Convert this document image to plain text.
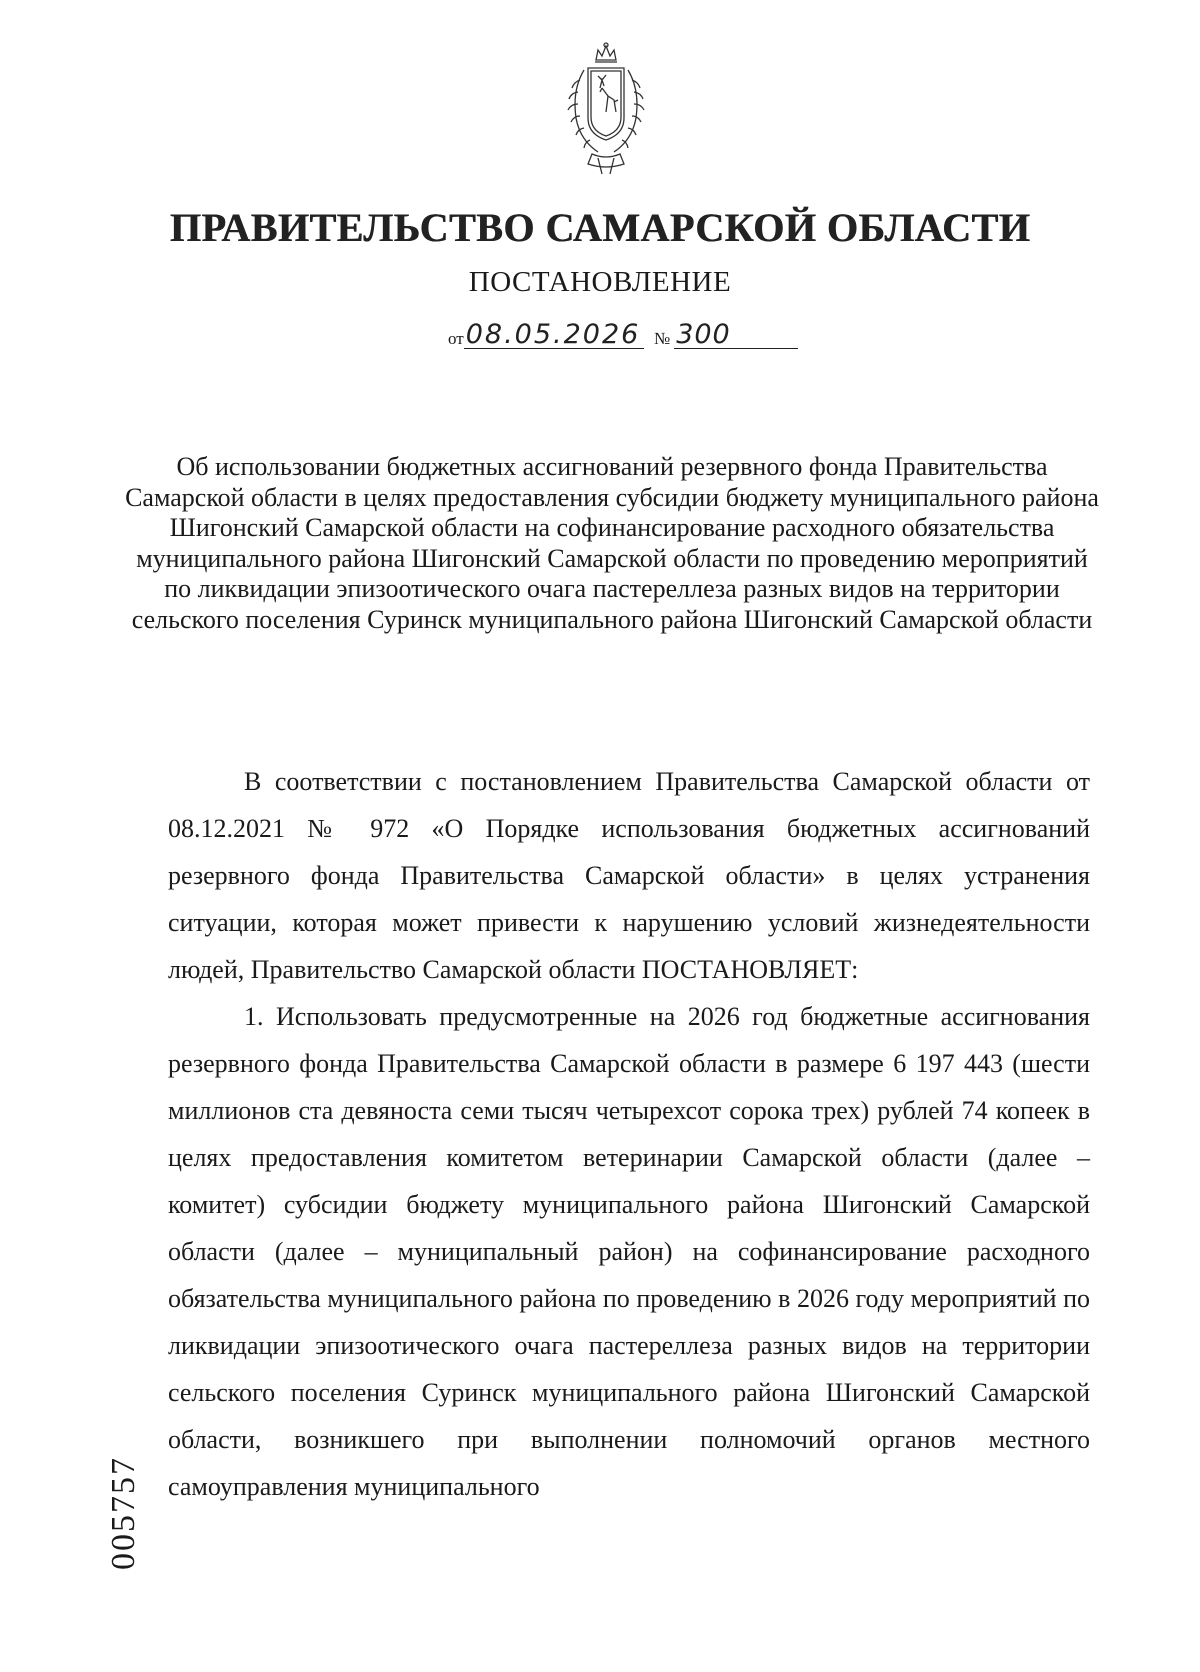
ПРАВИТЕЛЬСТВО САМАРСКОЙ ОБЛАСТИ
ПОСТАНОВЛЕНИЕ
от08.05.2026 № 300
Об использовании бюджетных ассигнований резервного фонда Правительства Самарской области в целях предоставления субсидии бюджету муниципального района Шигонский Самарской области на софинансирование расходного обязательства муниципального района Шигонский Самарской области по проведению мероприятий по ликвидации эпизоотического очага пастереллеза разных видов на территории сельского поселения Суринск муниципального района Шигонский Самарской области

В соответствии с постановлением Правительства Самарской области от 08.12.2021 № 972 «О Порядке использования бюджетных ассигнований резервного фонда Правительства Самарской области» в целях устранения ситуации, которая может привести к нарушению условий жизнедеятельности людей, Правительство Самарской области ПОСТАНОВЛЯЕТ:

1. Использовать предусмотренные на 2026 год бюджетные ассигнования резервного фонда Правительства Самарской области в размере 6 197 443 (шести миллионов ста девяноста семи тысяч четырехсот сорока трех) рублей 74 копеек в целях предоставления комитетом ветеринарии Самарской области (далее – комитет) субсидии бюджету муниципального района Шигонский Самарской области (далее – муниципальный район) на софинансирование расходного обязательства муниципального района по проведению в 2026 году мероприятий по ликвидации эпизоотического очага пастереллеза разных видов на территории сельского поселения Суринск муниципального района Шигонский Самарской области, возникшего при выполнении полномочий органов местного самоуправления муниципального

005757
